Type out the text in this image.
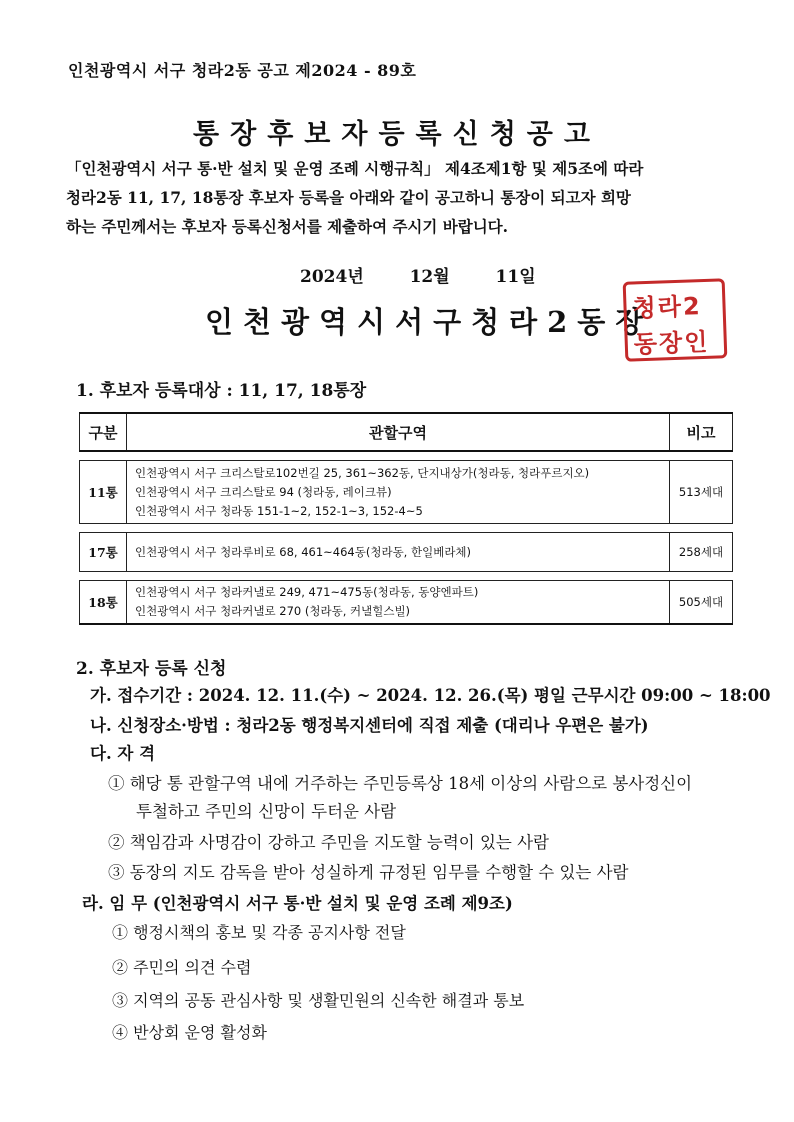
인천광역시 서구 청라2동 공고 제2024 - 89호
통장후보자등록신청공고

「인천광역시 서구 통·반 설치 및 운영 조례 시행규칙」 제4조제1항 및 제5조에 따라

청라2동 11, 17, 18통장 후보자 등록을 아래와 같이 공고하니 통장이 되고자 희망

하는 주민께서는 후보자 등록신청서를 제출하여 주시기 바랍니다.

2024년	12월	11일
인천광역시서구청라2동장
청라2
동장인
1. 후보자 등록대상 : 11, 17, 18통장
구분	관할구역	비고

11통	인천광역시 서구 크리스탈로102번길 25, 361~362동, 단지내상가(청라동, 청라푸르지오)
인천광역시 서구 크리스탈로 94 (청라동, 레이크뷰)
인천광역시 서구 청라동 151-1~2, 152-1~3, 152-4~5	513세대

17통	인천광역시 서구 청라루비로 68, 461~464동(청라동, 한일베라체)	258세대

18통	인천광역시 서구 청라커낼로 249, 471~475동(청라동, 동양엔파트)
인천광역시 서구 청라커낼로 270 (청라동, 커낼힐스빌)	505세대
2. 후보자 등록 신청
가. 접수기간 : 2024. 12. 11.(수) ~ 2024. 12. 26.(목) 평일 근무시간 09:00 ~ 18:00
나. 신청장소·방법 : 청라2동 행정복지센터에 직접 제출 (대리나 우편은 불가)
다. 자 격
① 해당 통 관할구역 내에 거주하는 주민등록상 18세 이상의 사람으로 봉사정신이
투철하고 주민의 신망이 두터운 사람
② 책임감과 사명감이 강하고 주민을 지도할 능력이 있는 사람
③ 동장의 지도 감독을 받아 성실하게 규정된 임무를 수행할 수 있는 사람
라. 임 무 (인천광역시 서구 통·반 설치 및 운영 조례 제9조)
① 행정시책의 홍보 및 각종 공지사항 전달
② 주민의 의견 수렴
③ 지역의 공동 관심사항 및 생활민원의 신속한 해결과 통보
④ 반상회 운영 활성화
